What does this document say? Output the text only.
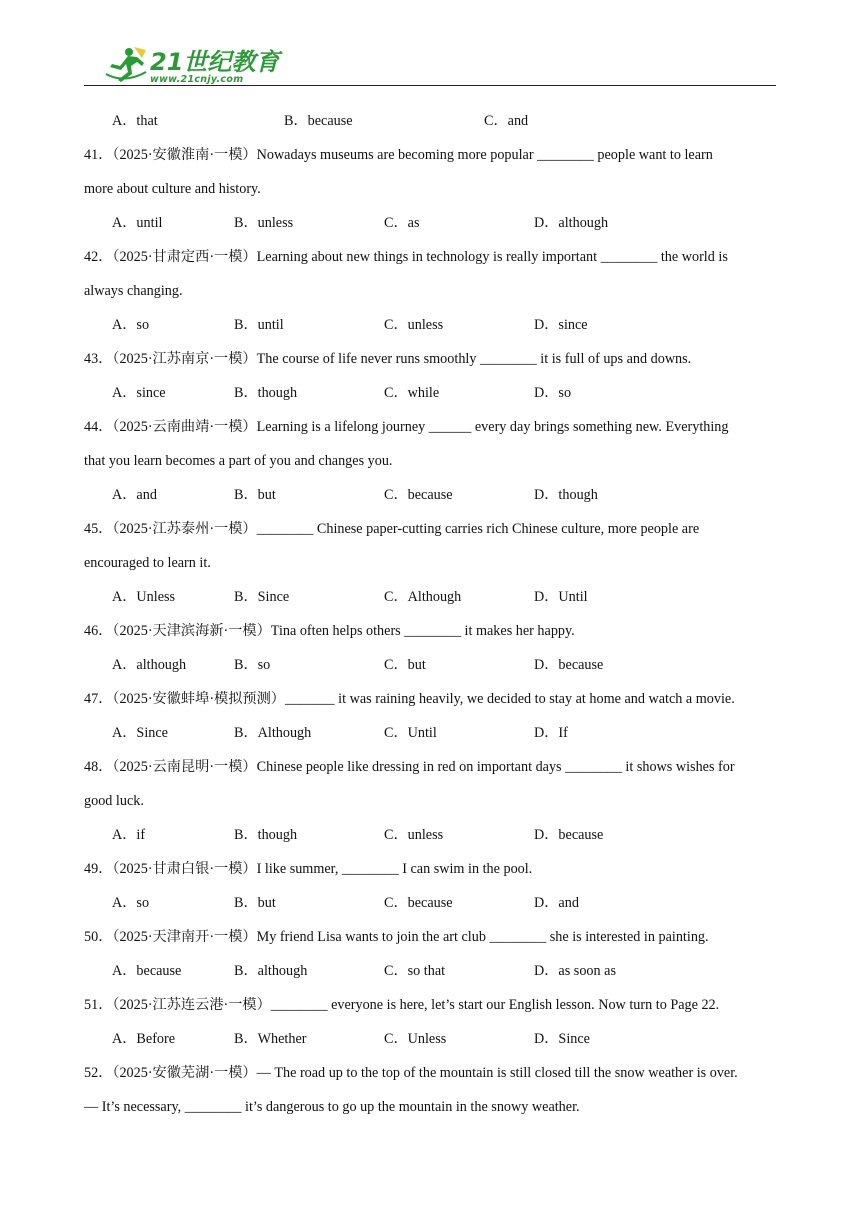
21世纪教育
www.21cnjy.com
A．that	B．because	C．and
41．（2025·安徽淮南·一模）Nowadays museums are becoming more popular ________ people want to learn
more about culture and history.
A．until	B．unless	C．as	D．although
42．（2025·甘肃定西·一模）Learning about new things in technology is really important ________ the world is
always changing.
A．so	B．until	C．unless	D．since
43．（2025·江苏南京·一模）The course of life never runs smoothly ________ it is full of ups and downs.
A．since	B．though	C．while	D．so
44．（2025·云南曲靖·一模）Learning is a lifelong journey ______ every day brings something new. Everything
that you learn becomes a part of you and changes you.
A．and	B．but	C．because	D．though
45．（2025·江苏泰州·一模）________ Chinese paper-cutting carries rich Chinese culture, more people are
encouraged to learn it.
A．Unless	B．Since	C．Although	D．Until
46．（2025·天津滨海新·一模）Tina often helps others ________ it makes her happy.
A．although	B．so	C．but	D．because
47．（2025·安徽蚌埠·模拟预测）_______ it was raining heavily, we decided to stay at home and watch a movie.
A．Since	B．Although	C．Until	D．If
48．（2025·云南昆明·一模）Chinese people like dressing in red on important days ________ it shows wishes for
good luck.
A．if	B．though	C．unless	D．because
49．（2025·甘肃白银·一模）I like summer, ________ I can swim in the pool.
A．so	B．but	C．because	D．and
50．（2025·天津南开·一模）My friend Lisa wants to join the art club ________ she is interested in painting.
A．because	B．although	C．so that	D．as soon as
51．（2025·江苏连云港·一模）________ everyone is here, let’s start our English lesson. Now turn to Page 22.
A．Before	B．Whether	C．Unless	D．Since
52．（2025·安徽芜湖·一模）— The road up to the top of the mountain is still closed till the snow weather is over.
— It’s necessary, ________ it’s dangerous to go up the mountain in the snowy weather.
